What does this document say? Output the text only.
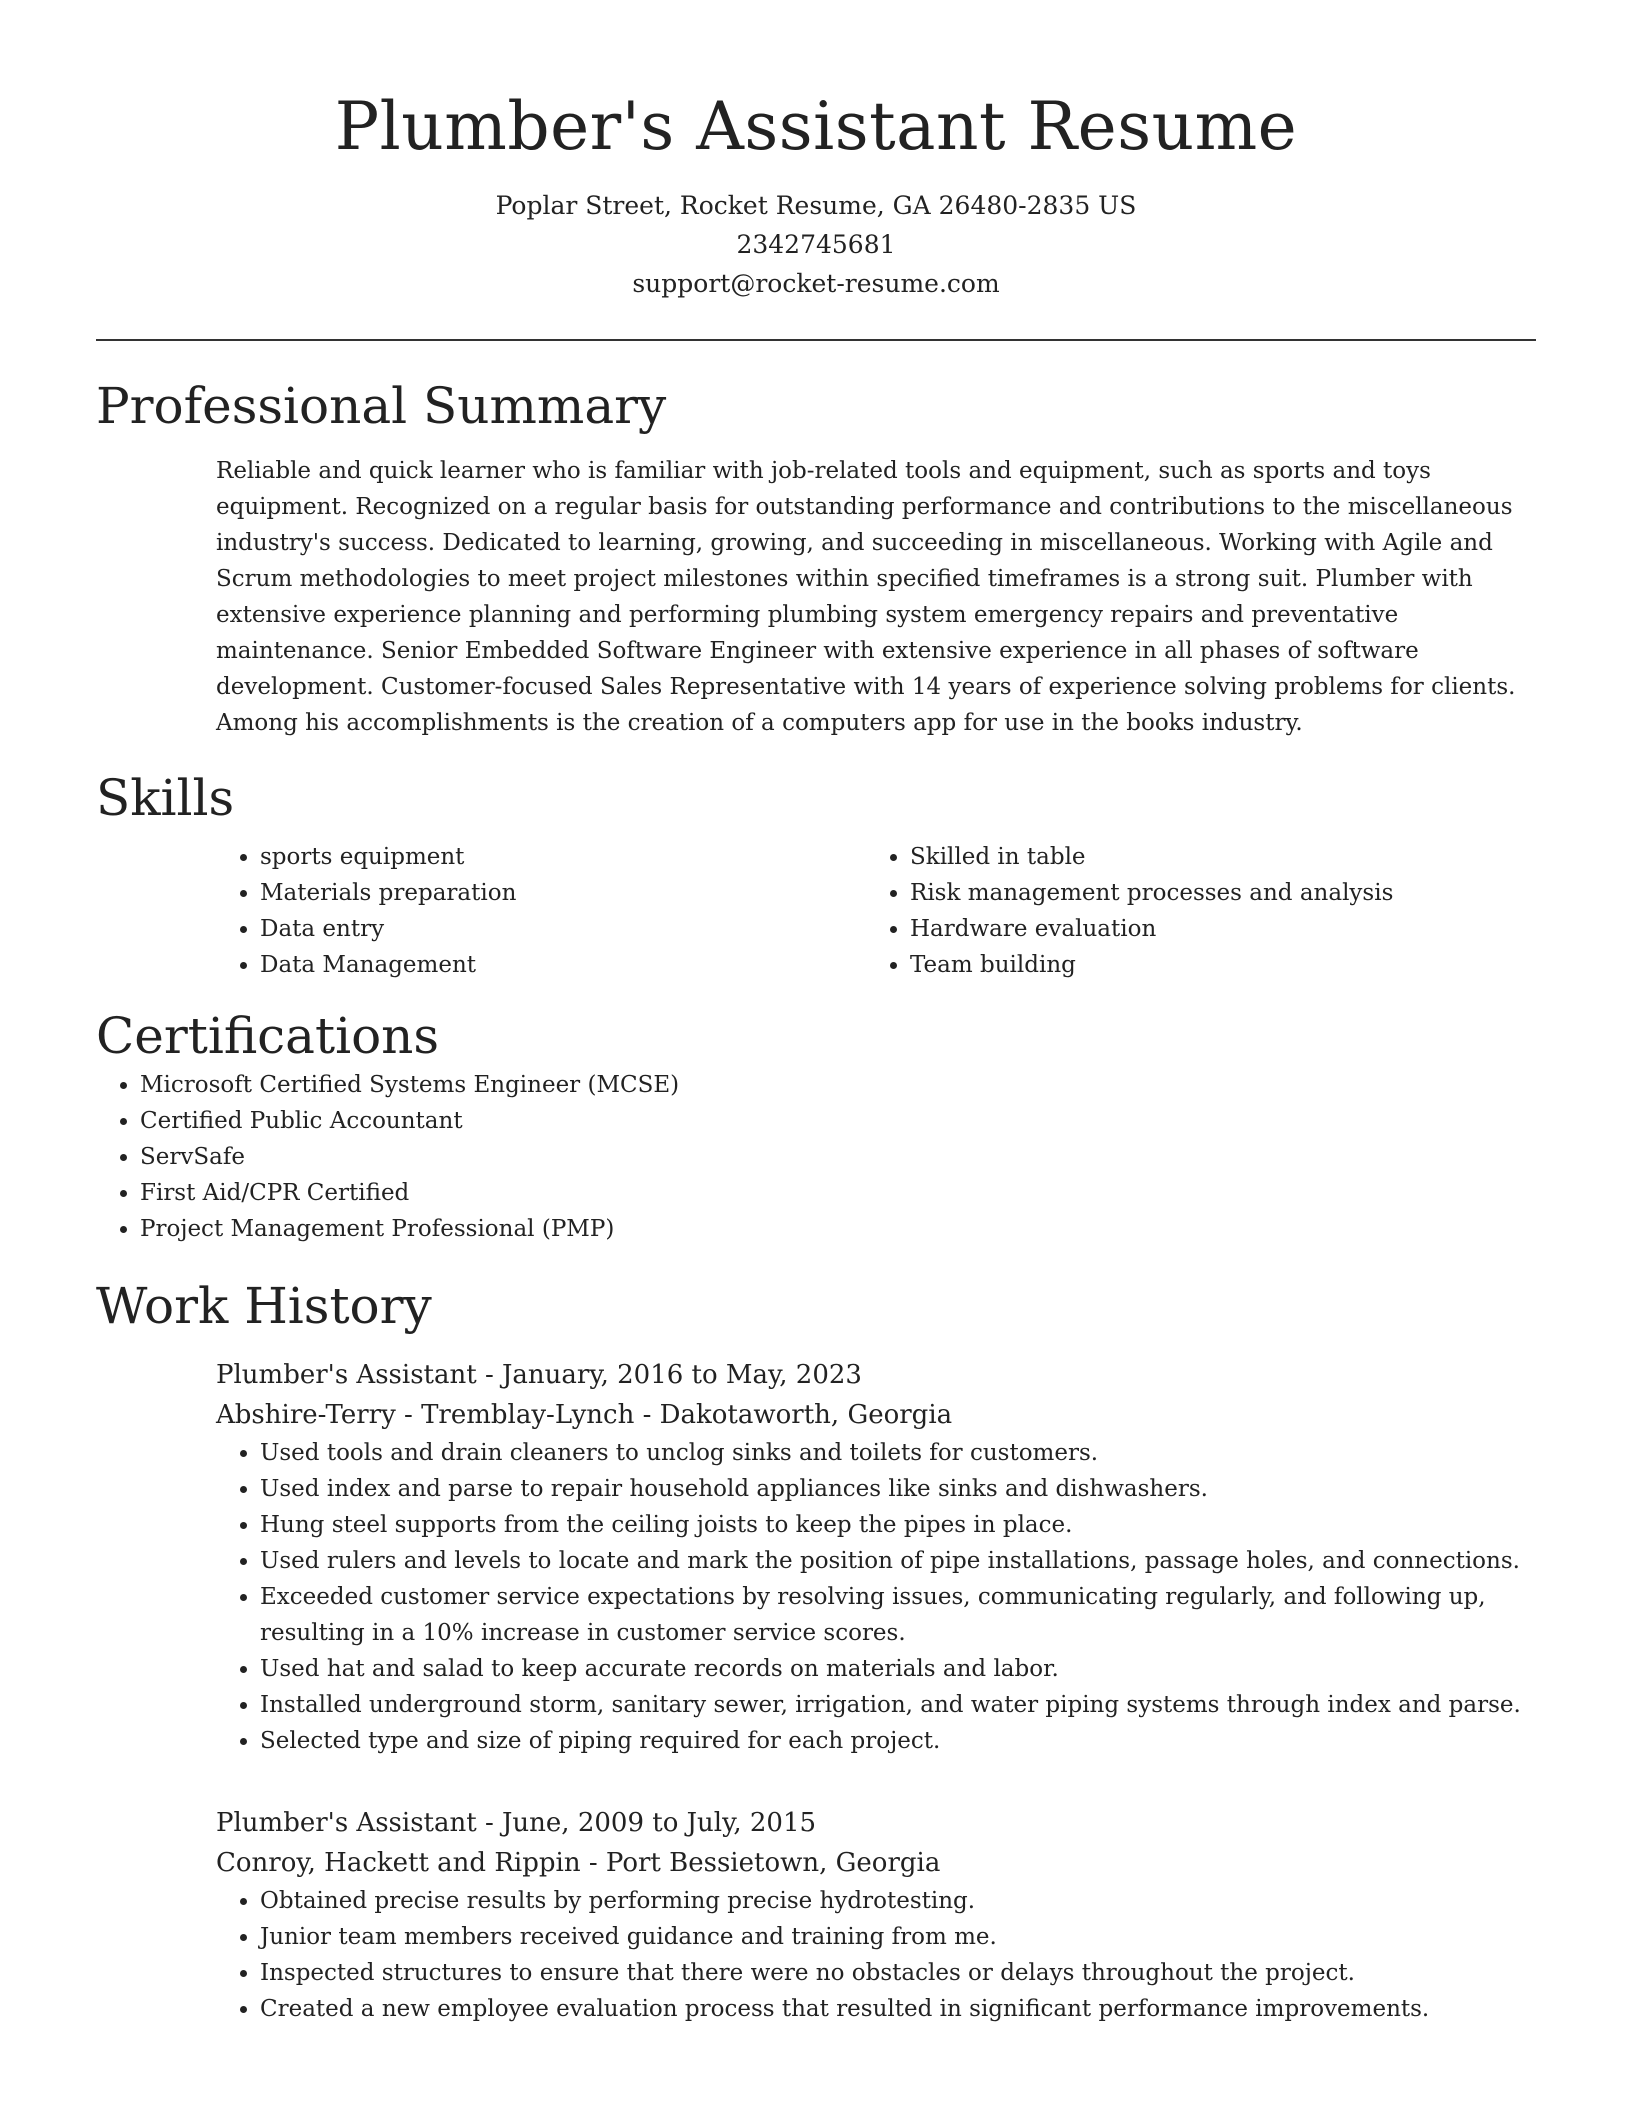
Plumber's Assistant Resume
Poplar Street, Rocket Resume, GA 26480-2835 US
2342745681
support@rocket-resume.com
Professional Summary

Reliable and quick learner who is familiar with job-related tools and equipment, such as sports and toys equipment. Recognized on a regular basis for outstanding performance and contributions to the miscellaneous industry's success. Dedicated to learning, growing, and succeeding in miscellaneous. Working with Agile and Scrum methodologies to meet project milestones within specified timeframes is a strong suit. Plumber with extensive experience planning and performing plumbing system emergency repairs and preventative maintenance. Senior Embedded Software Engineer with extensive experience in all phases of software development. Customer-focused Sales Representative with 14 years of experience solving problems for clients. Among his accomplishments is the creation of a computers app for use in the books industry.

Skills
• sports equipment
• Materials preparation
• Data entry
• Data Management
• Skilled in table
• Risk management processes and analysis
• Hardware evaluation
• Team building
Certifications
• Microsoft Certified Systems Engineer (MCSE)
• Certified Public Accountant
• ServSafe
• First Aid/CPR Certified
• Project Management Professional (PMP)
Work History
Plumber's Assistant - January, 2016 to May, 2023
Abshire-Terry - Tremblay-Lynch - Dakotaworth, Georgia
• Used tools and drain cleaners to unclog sinks and toilets for customers.
• Used index and parse to repair household appliances like sinks and dishwashers.
• Hung steel supports from the ceiling joists to keep the pipes in place.
• Used rulers and levels to locate and mark the position of pipe installations, passage holes, and connections.
• Exceeded customer service expectations by resolving issues, communicating regularly, and following up, resulting in a 10% increase in customer service scores.
• Used hat and salad to keep accurate records on materials and labor.
• Installed underground storm, sanitary sewer, irrigation, and water piping systems through index and parse.
• Selected type and size of piping required for each project.
Plumber's Assistant - June, 2009 to July, 2015
Conroy, Hackett and Rippin - Port Bessietown, Georgia
• Obtained precise results by performing precise hydrotesting.
• Junior team members received guidance and training from me.
• Inspected structures to ensure that there were no obstacles or delays throughout the project.
• Created a new employee evaluation process that resulted in significant performance improvements.
